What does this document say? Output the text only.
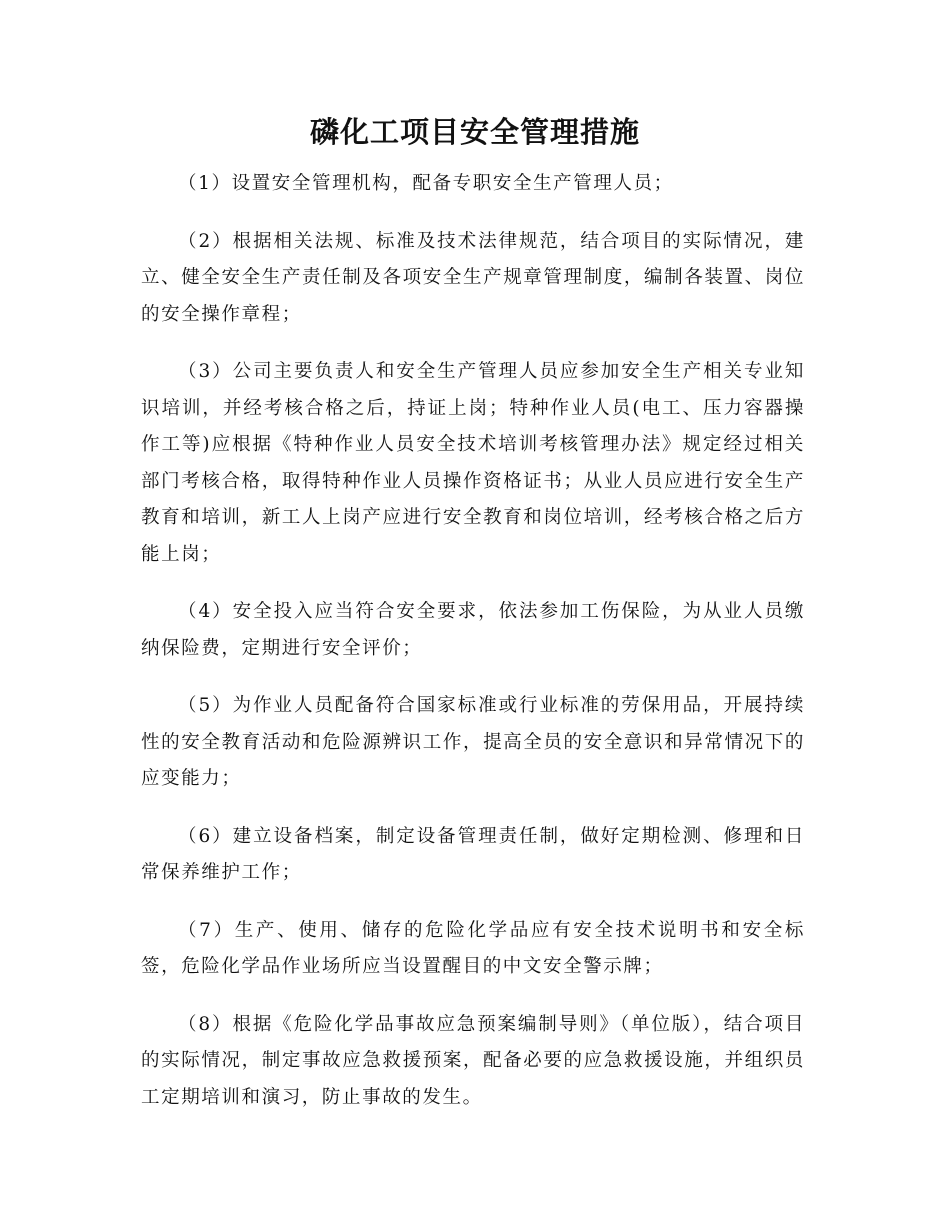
磷化工项目安全管理措施

（1）设置安全管理机构，配备专职安全生产管理人员；

（2）根据相关法规、标准及技术法律规范，结合项目的实际情况，建立、健全安全生产责任制及各项安全生产规章管理制度，编制各装置、岗位的安全操作章程；

（3）公司主要负责人和安全生产管理人员应参加安全生产相关专业知识培训，并经考核合格之后，持证上岗；特种作业人员(电工、压力容器操作工等)应根据《特种作业人员安全技术培训考核管理办法》规定经过相关部门考核合格，取得特种作业人员操作资格证书；从业人员应进行安全生产教育和培训，新工人上岗产应进行安全教育和岗位培训，经考核合格之后方能上岗；

（4）安全投入应当符合安全要求，依法参加工伤保险，为从业人员缴纳保险费，定期进行安全评价；

（5）为作业人员配备符合国家标准或行业标准的劳保用品，开展持续性的安全教育活动和危险源辨识工作，提高全员的安全意识和异常情况下的应变能力；

（6）建立设备档案，制定设备管理责任制，做好定期检测、修理和日常保养维护工作；

（7）生产、使用、储存的危险化学品应有安全技术说明书和安全标签，危险化学品作业场所应当设置醒目的中文安全警示牌；

（8）根据《危险化学品事故应急预案编制导则》（单位版），结合项目的实际情况，制定事故应急救援预案，配备必要的应急救援设施，并组织员工定期培训和演习，防止事故的发生。
